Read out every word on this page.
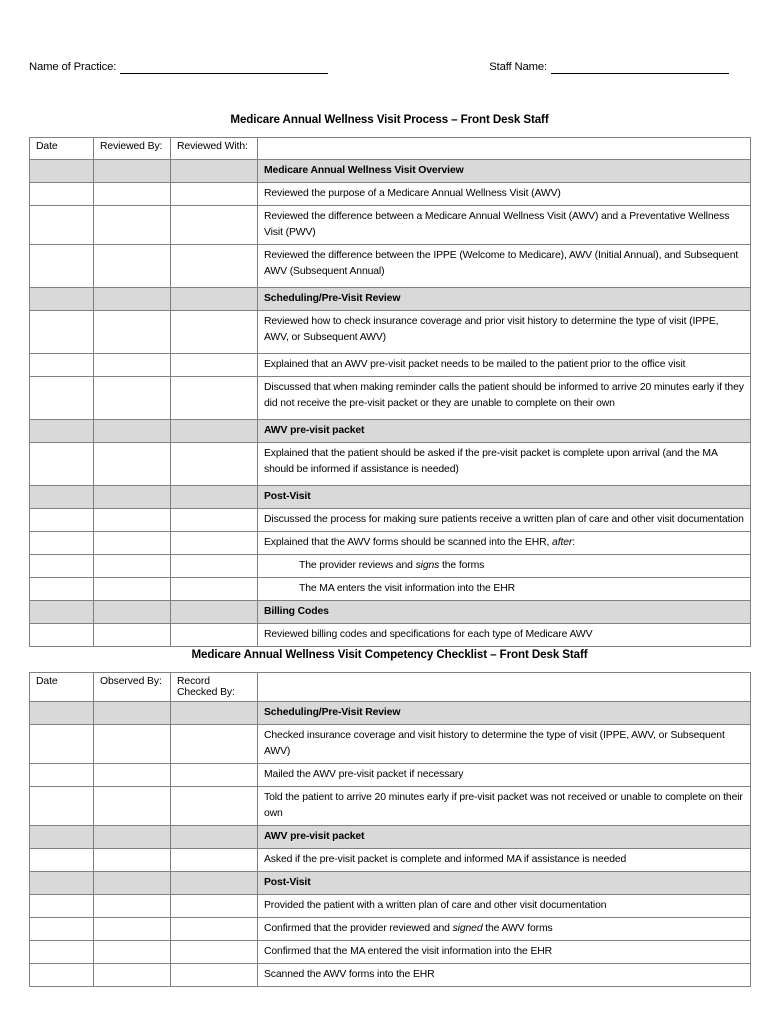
Name of Practice:	Staff Name:
Medicare Annual Wellness Visit Process – Front Desk Staff
Date	Reviewed By:	Reviewed With:	
			Medicare Annual Wellness Visit Overview
			Reviewed the purpose of a Medicare Annual Wellness Visit (AWV)
			Reviewed the difference between a Medicare Annual Wellness Visit (AWV) and a Preventative Wellness Visit (PWV)
			Reviewed the difference between the IPPE (Welcome to Medicare), AWV (Initial Annual), and Subsequent AWV (Subsequent Annual)
			Scheduling/Pre-Visit Review
			Reviewed how to check insurance coverage and prior visit history to determine the type of visit (IPPE, AWV, or Subsequent AWV)
			Explained that an AWV pre-visit packet needs to be mailed to the patient prior to the office visit
			Discussed that when making reminder calls the patient should be informed to arrive 20 minutes early if they did not receive the pre-visit packet or they are unable to complete on their own
			AWV pre-visit packet
			Explained that the patient should be asked if the pre-visit packet is complete upon arrival (and the MA should be informed if assistance is needed)
			Post-Visit
			Discussed the process for making sure patients receive a written plan of care and other visit documentation
			Explained that the AWV forms should be scanned into the EHR, after:
			The provider reviews and signs the forms
			The MA enters the visit information into the EHR
			Billing Codes
			Reviewed billing codes and specifications for each type of Medicare AWV
Medicare Annual Wellness Visit Competency Checklist – Front Desk Staff
Date	Observed By:	Record Checked By:	
			Scheduling/Pre-Visit Review
			Checked insurance coverage and visit history to determine the type of visit (IPPE, AWV, or Subsequent AWV)
			Mailed the AWV pre-visit packet if necessary
			Told the patient to arrive 20 minutes early if pre-visit packet was not received or unable to complete on their own
			AWV pre-visit packet
			Asked if the pre-visit packet is complete and informed MA if assistance is needed
			Post-Visit
			Provided the patient with a written plan of care and other visit documentation
			Confirmed that the provider reviewed and signed the AWV forms
			Confirmed that the MA entered the visit information into the EHR
			Scanned the AWV forms into the EHR
